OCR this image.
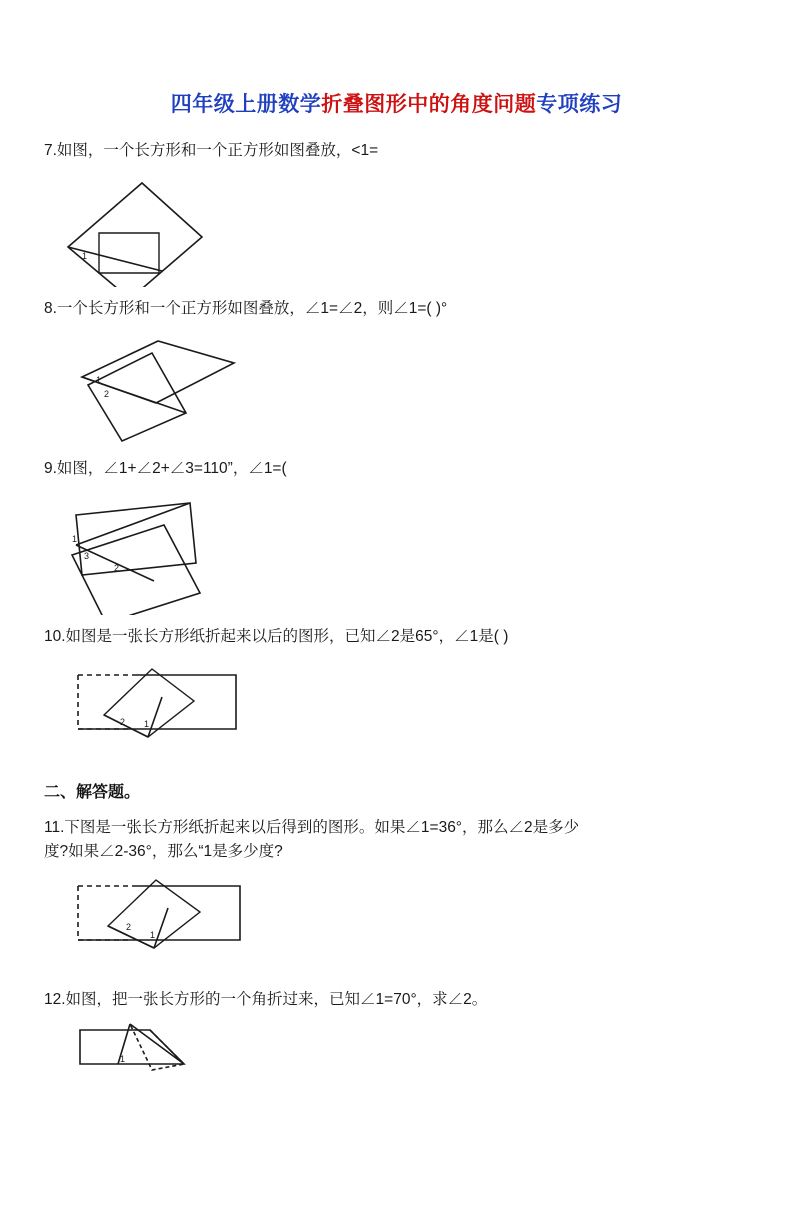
四年级上册数学折叠图形中的角度问题专项练习
7.如图，一个长方形和一个正方形如图叠放，<1=
1
8.一个长方形和一个正方形如图叠放，∠1=∠2，则∠1=( )°
1
2
9.如图，∠1+∠2+∠3=110”，∠1=(
1
3
2
10.如图是一张长方形纸折起来以后的图形，已知∠2是65°，∠1是( )
2 1
二、解答题。
11.下图是一张长方形纸折起来以后得到的图形。如果∠1=36°，那么∠2是多少
度?如果∠2-36°，那么“1是多少度?
2
1
12.如图，把一张长方形的一个角折过来，已知∠1=70°，求∠2。
1
